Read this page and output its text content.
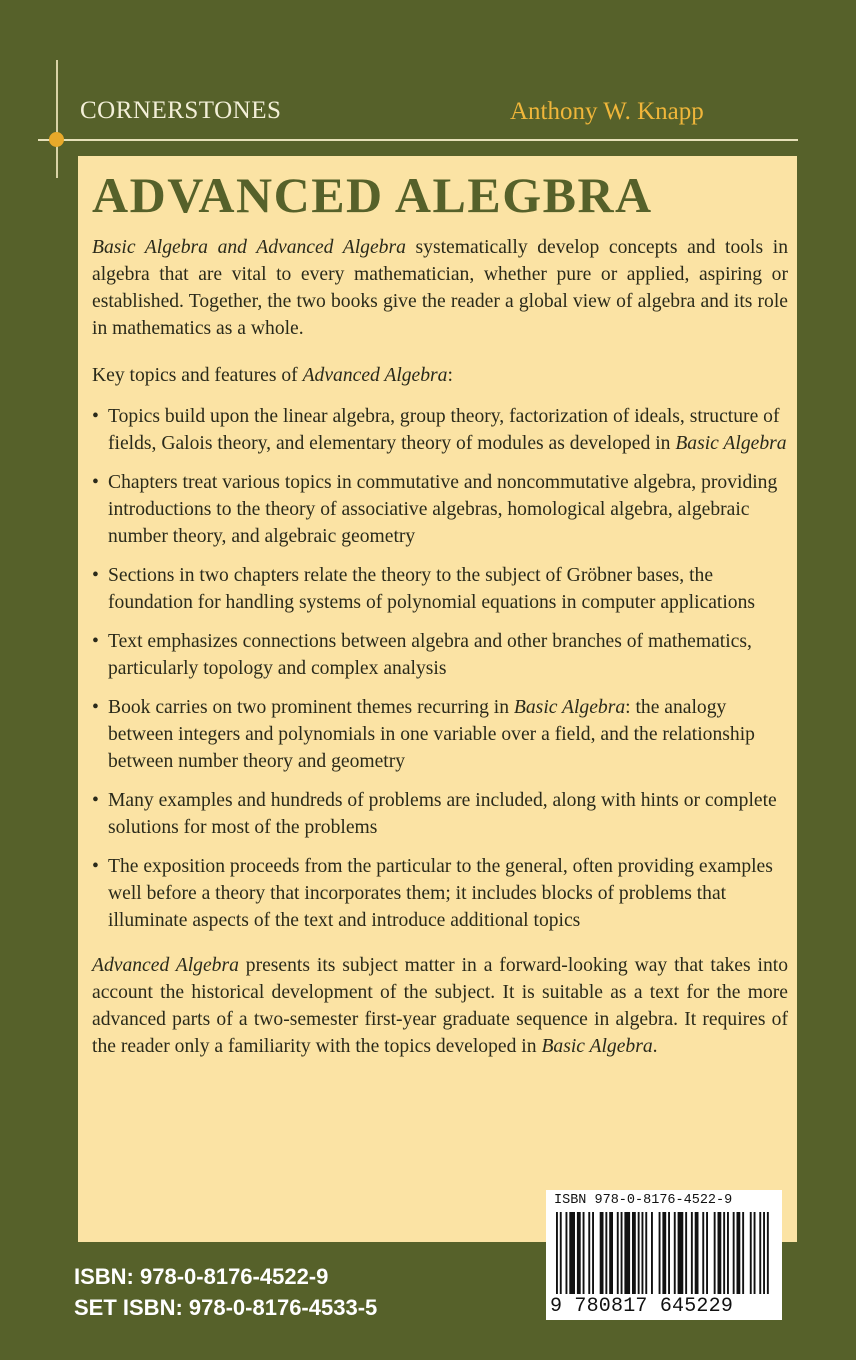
CORNERSTONES	Anthony W. Knapp
ADVANCED ALEGBRA

Basic Algebra and Advanced Algebra systematically develop concepts and tools in algebra that are vital to every mathematician, whether pure or applied, aspiring or established. Together, the two books give the reader a global view of algebra and its role in mathematics as a whole.

Key topics and features of Advanced Algebra:

• Topics build upon the linear algebra, group theory, factorization of ideals, structure of fields, Galois theory, and elementary theory of modules as developed in Basic Algebra
• Chapters treat various topics in commutative and noncommutative algebra, providing introductions to the theory of associative algebras, homological algebra, algebraic number theory, and algebraic geometry
• Sections in two chapters relate the theory to the subject of Gröbner bases, the foundation for handling systems of polynomial equations in computer applications
• Text emphasizes connections between algebra and other branches of mathematics, particularly topology and complex analysis
• Book carries on two prominent themes recurring in Basic Algebra: the analogy between integers and polynomials in one variable over a field, and the relationship between number theory and geometry
• Many examples and hundreds of problems are included, along with hints or complete solutions for most of the problems
• The exposition proceeds from the particular to the general, often providing examples well before a theory that incorporates them; it includes blocks of problems that illuminate aspects of the text and introduce additional topics

Advanced Algebra presents its subject matter in a forward-looking way that takes into account the historical development of the subject. It is suitable as a text for the more advanced parts of a two-semester first-year graduate sequence in algebra. It requires of the reader only a familiarity with the topics developed in Basic Algebra.

ISBN: 978-0-8176-4522-9
SET ISBN: 978-0-8176-4533-5
ISBN 978-0-8176-4522-9
9 780817 645229
